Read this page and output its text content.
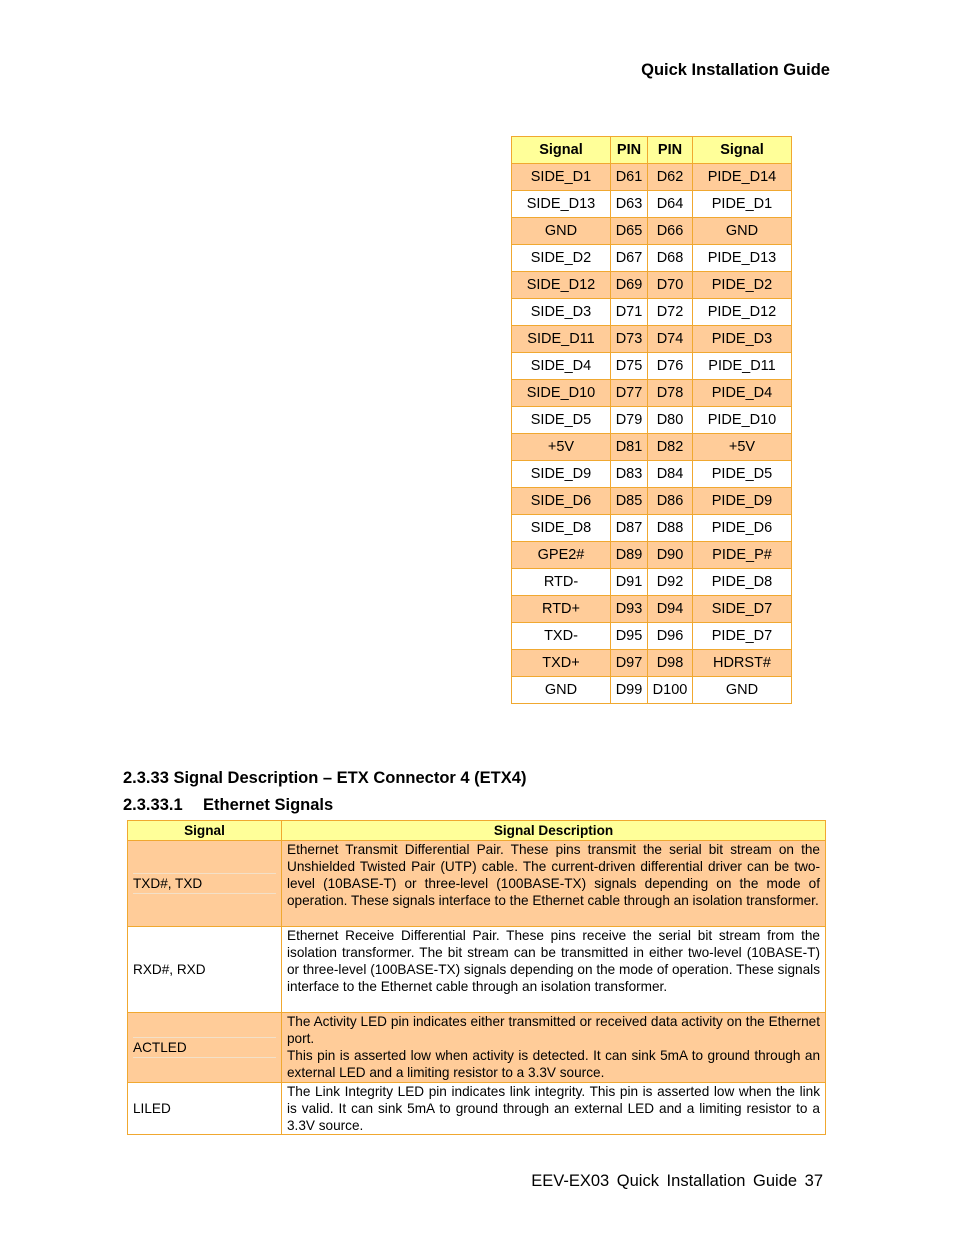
Quick Installation Guide
Signal	PIN	PIN	Signal
SIDE_D1	D61	D62	PIDE_D14
SIDE_D13	D63	D64	PIDE_D1
GND	D65	D66	GND
SIDE_D2	D67	D68	PIDE_D13
SIDE_D12	D69	D70	PIDE_D2
SIDE_D3	D71	D72	PIDE_D12
SIDE_D11	D73	D74	PIDE_D3
SIDE_D4	D75	D76	PIDE_D11
SIDE_D10	D77	D78	PIDE_D4
SIDE_D5	D79	D80	PIDE_D10
+5V	D81	D82	+5V
SIDE_D9	D83	D84	PIDE_D5
SIDE_D6	D85	D86	PIDE_D9
SIDE_D8	D87	D88	PIDE_D6
GPE2#	D89	D90	PIDE_P#
RTD-	D91	D92	PIDE_D8
RTD+	D93	D94	SIDE_D7
TXD-	D95	D96	PIDE_D7
TXD+	D97	D98	HDRST#
GND	D99	D100	GND
2.3.33 Signal Description – ETX Connector 4 (ETX4)
2.3.33.1 Ethernet Signals
Signal	Signal Description

TXD#, TXD	Ethernet Transmit Differential Pair. These pins transmit the serial bit stream on the Unshielded Twisted Pair (UTP) cable. The current-driven differential driver can be two-level (10BASE-T) or three-level (100BASE-TX) signals depending on the mode of operation. These signals interface to the Ethernet cable through an isolation transformer.

RXD#, RXD	Ethernet Receive Differential Pair. These pins receive the serial bit stream from the isolation transformer. The bit stream can be transmitted in either two-level (10BASE-T) or three-level (100BASE-TX) signals depending on the mode of operation. These signals interface to the Ethernet cable through an isolation transformer.

ACTLED	The Activity LED pin indicates either transmitted or received data activity on the Ethernet port.

This pin is asserted low when activity is detected. It can sink 5mA to ground through an external LED and a limiting resistor to a 3.3V source.

LILED	The Link Integrity LED pin indicates link integrity. This pin is asserted low when the link is valid. It can sink 5mA to ground through an external LED and a limiting resistor to a 3.3V source.

EEV-EX03 Quick Installation Guide 37
